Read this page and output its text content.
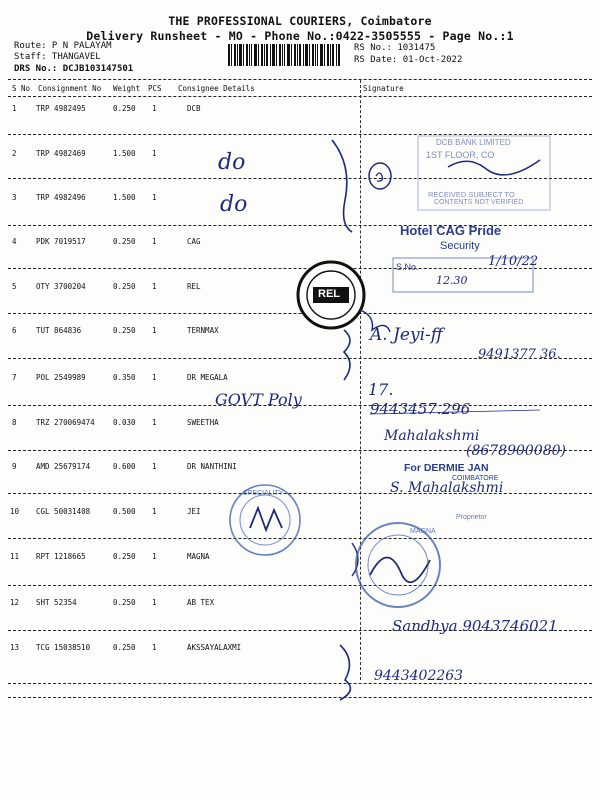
THE PROFESSIONAL COURIERS, Coimbatore
Delivery Runsheet - MO - Phone No.:0422-3505555 - Page No.:1
Route: P N PALAYAM
Staff: THANGAVEL
DRS No.: DCJB103147501
RS No.: 1031475
RS Date: 01-Oct-2022
S No Consignment No Weight PCS Consignee Details	Signature
1	TRP 4982495	0.250 1	DCB
2	TRP 4982469	1.500 1
3	TRP 4982496	1.500 1
4	PDK 7019517	0.250 1	CAG
5	OTY 3700204	0.250 1	REL
6	TUT 864836	0.250 1	TERNMAX
7	POL 2549989	0.350 1	DR MEGALA
8	TRZ 270069474 0.030 1	SWEETHA
9	AMD 25679174	0.600 1	DR NANTHINI
10 CGL 50031408	0.500 1	JEI
11 RPT 1218665	0.250 1	MAGNA
12 SHT 52354	0.250 1	AB TEX
13 TCG 15038510	0.250 1	AKSSAYALAXMI
do
do
GOVT Poly
A. Jeyi-ff
9491377 36.
17.
9443457.296
Mahalakshmi
(8678900080)
S. Mahalakshmi
Sandhya 9043746021
9443402263
DCB BANK LIMITED
1ST FLOOR, CO
RECEIVED SUBJECT TO
CONTENTS NOT VERIFIED
Hotel CAG Pride
Security
S.No.	1/10/22
12.30
REL
For DERMIE JAN
COIMBATORE
Proprietor
SPECIALITY
MAGNA
